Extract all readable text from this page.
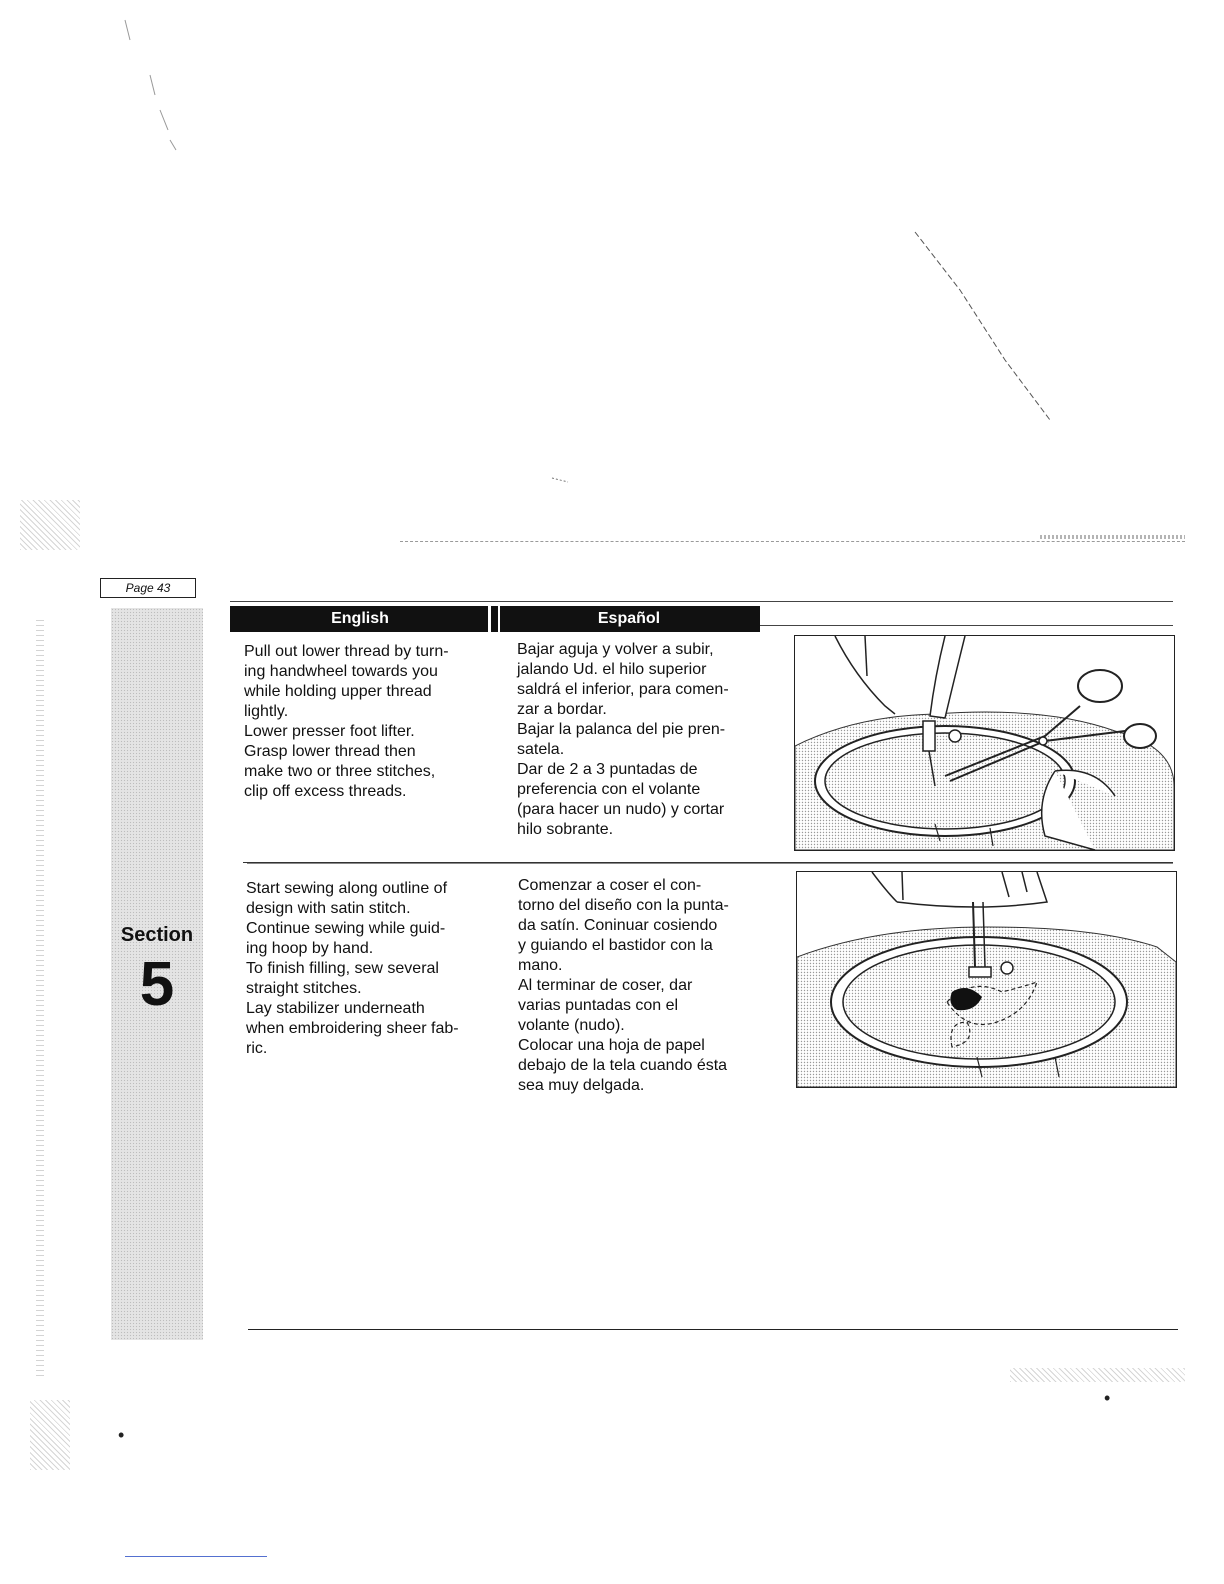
•
•
Page 43
Section
5
English	Español
Pull out lower thread by turn-
ing handwheel towards you
while holding upper thread
lightly.
Lower presser foot lifter.
Grasp lower thread then
make two or three stitches,
clip off excess threads.
Bajar aguja y volver a subir,
jalando Ud. el hilo superior
saldrá el inferior, para comen-
zar a bordar.
Bajar la palanca del pie pren-
satela.
Dar de 2 a 3 puntadas de
preferencia con el volante
(para hacer un nudo) y cortar
hilo sobrante.
Start sewing along outline of
design with satin stitch.
Continue sewing while guid-
ing hoop by hand.
To finish filling, sew several
straight stitches.
Lay stabilizer underneath
when embroidering sheer fab-
ric.
Comenzar a coser el con-
torno del diseño con la punta-
da satín. Coninuar cosiendo
y guiando el bastidor con la
mano.
Al terminar de coser, dar
varias puntadas con el
volante (nudo).
Colocar una hoja de papel
debajo de la tela cuando ésta
sea muy delgada.
